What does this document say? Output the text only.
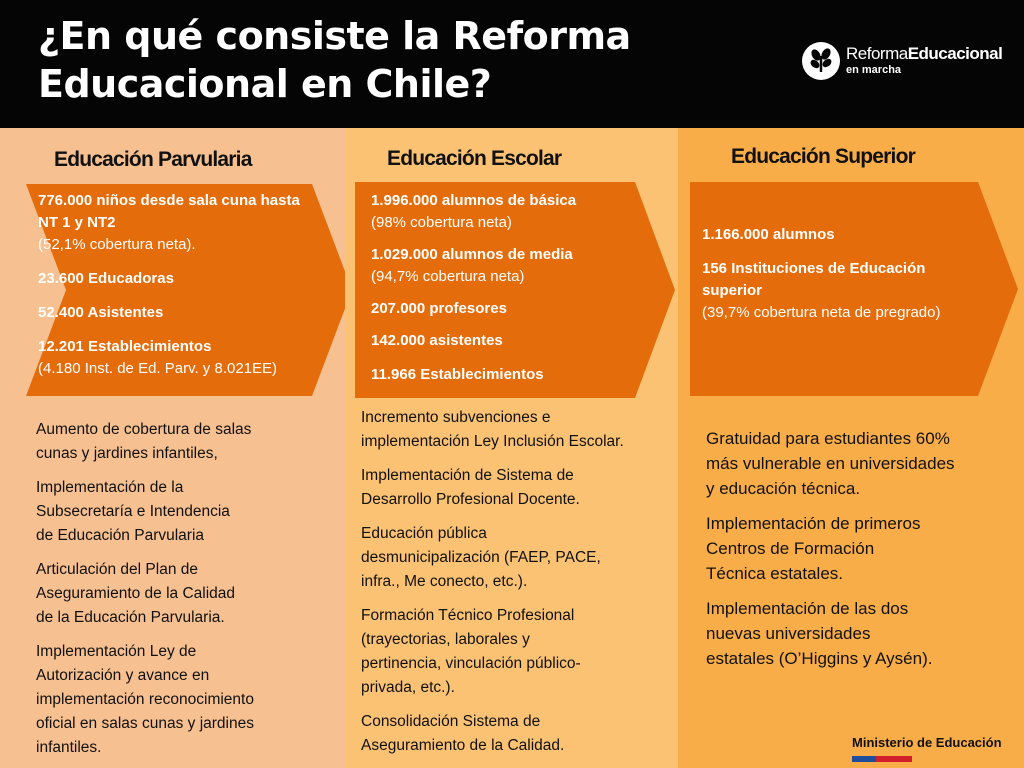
¿En qué consiste la Reforma
Educacional en Chile?
ReformaEducacional
en marcha
Educación Parvularia

776.000 niños desde sala cuna hasta NT 1 y NT2
(52,1% cobertura neta).

23.600 Educadoras

52.400 Asistentes

12.201 Establecimientos
(4.180 Inst. de Ed. Parv. y 8.021EE)

Aumento de cobertura de salas
cunas y jardines infantiles,

Implementación de la
Subsecretaría e Intendencia
de Educación Parvularia

Articulación del Plan de
Aseguramiento de la Calidad
de la Educación Parvularia.

Implementación Ley de
Autorización y avance en
implementación reconocimiento
oficial en salas cunas y jardines
infantiles.

Educación Escolar

1.996.000 alumnos de básica
(98% cobertura neta)

1.029.000 alumnos de media
(94,7% cobertura neta)

207.000 profesores

142.000 asistentes

11.966 Establecimientos

Incremento subvenciones e
implementación Ley Inclusión Escolar.

Implementación de Sistema de
Desarrollo Profesional Docente.

Educación pública
desmunicipalización (FAEP, PACE,
infra., Me conecto, etc.).

Formación Técnico Profesional
(trayectorias, laborales y
pertinencia, vinculación público-
privada, etc.).

Consolidación Sistema de
Aseguramiento de la Calidad.

Educación Superior

1.166.000 alumnos

156 Instituciones de Educación superior
(39,7% cobertura neta de pregrado)

Gratuidad para estudiantes 60%
más vulnerable en universidades
y educación técnica.

Implementación de primeros
Centros de Formación
Técnica estatales.

Implementación de las dos
nuevas universidades
estatales (O’Higgins y Aysén).

Ministerio de Educación
